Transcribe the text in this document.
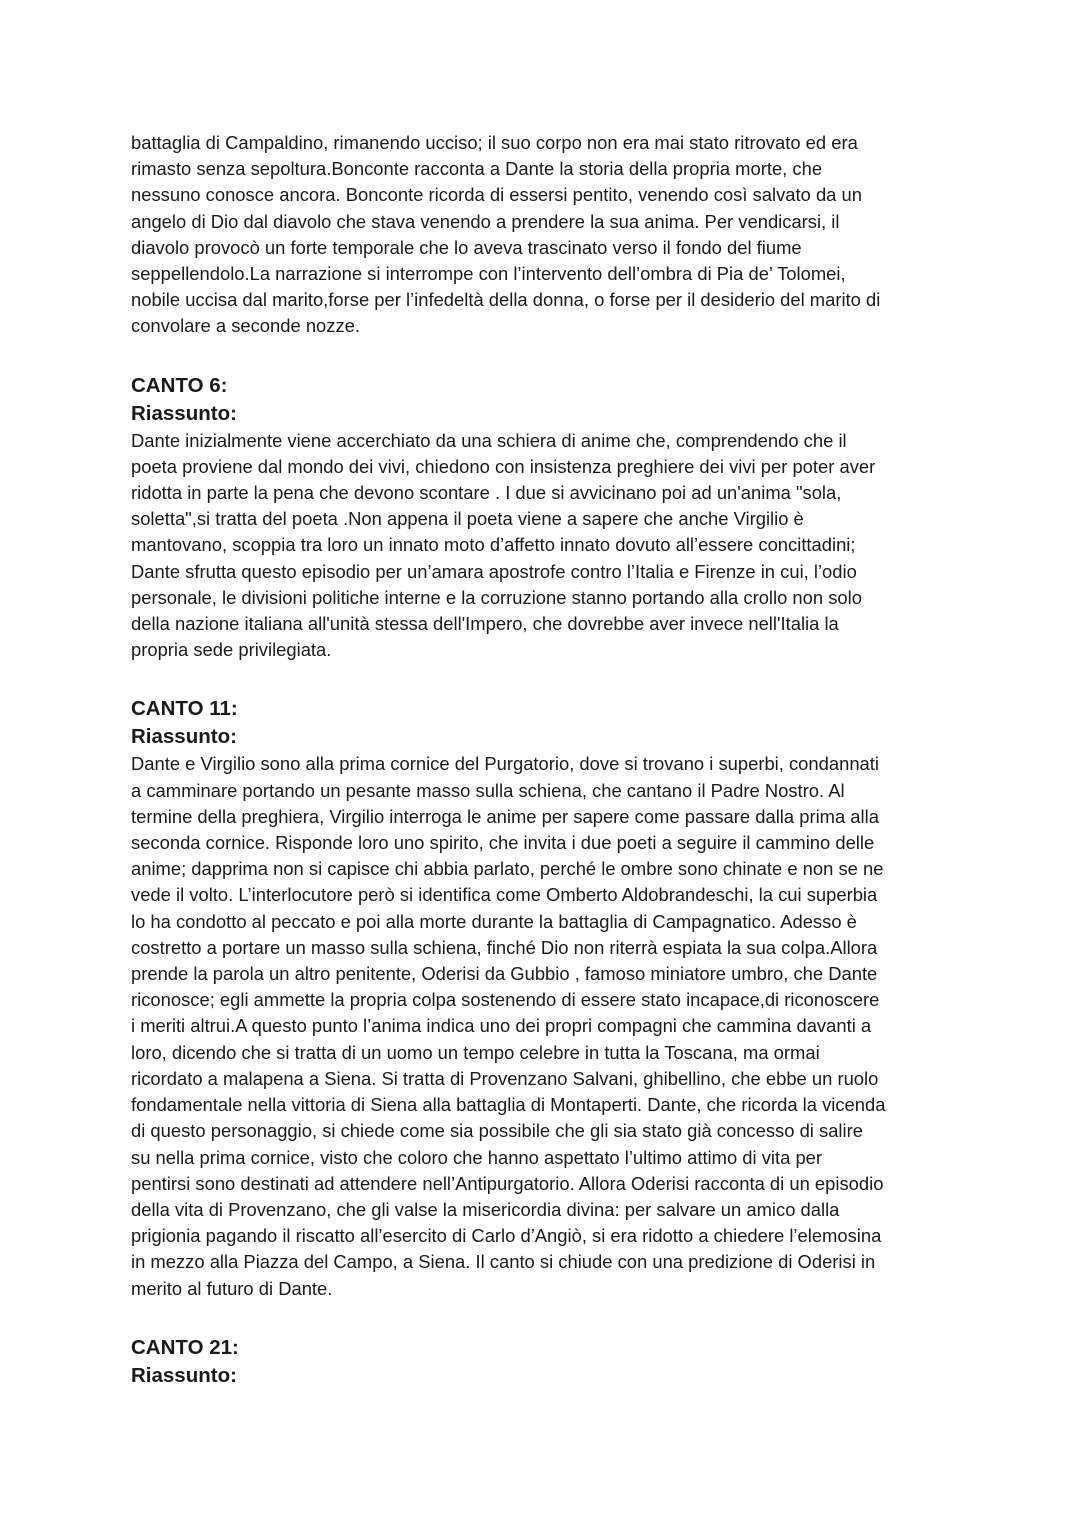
battaglia di Campaldino, rimanendo ucciso; il suo corpo non era mai stato ritrovato ed era
rimasto senza sepoltura.Bonconte racconta a Dante la storia della propria morte, che
nessuno conosce ancora. Bonconte ricorda di essersi pentito, venendo così salvato da un
angelo di Dio dal diavolo che stava venendo a prendere la sua anima. Per vendicarsi, il
diavolo provocò un forte temporale che lo aveva trascinato verso il fondo del fiume
seppellendolo.La narrazione si interrompe con l’intervento dell’ombra di Pia de’ Tolomei,
nobile uccisa dal marito,forse per l’infedeltà della donna, o forse per il desiderio del marito di
convolare a seconde nozze.

CANTO 6:

Riassunto:

Dante inizialmente viene accerchiato da una schiera di anime che, comprendendo che il
poeta proviene dal mondo dei vivi, chiedono con insistenza preghiere dei vivi per poter aver
ridotta in parte la pena che devono scontare . I due si avvicinano poi ad un'anima "sola,
soletta",si tratta del poeta .Non appena il poeta viene a sapere che anche Virgilio è
mantovano, scoppia tra loro un innato moto d’affetto innato dovuto all’essere concittadini;
Dante sfrutta questo episodio per un’amara apostrofe contro l’Italia e Firenze in cui, l’odio
personale, le divisioni politiche interne e la corruzione stanno portando alla crollo non solo
della nazione italiana all'unità stessa dell'Impero, che dovrebbe aver invece nell'Italia la
propria sede privilegiata.

CANTO 11:

Riassunto:

Dante e Virgilio sono alla prima cornice del Purgatorio, dove si trovano i superbi, condannati
a camminare portando un pesante masso sulla schiena, che cantano il Padre Nostro. Al
termine della preghiera, Virgilio interroga le anime per sapere come passare dalla prima alla
seconda cornice. Risponde loro uno spirito, che invita i due poeti a seguire il cammino delle
anime; dapprima non si capisce chi abbia parlato, perché le ombre sono chinate e non se ne
vede il volto. L’interlocutore però si identifica come Omberto Aldobrandeschi, la cui superbia
lo ha condotto al peccato e poi alla morte durante la battaglia di Campagnatico. Adesso è
costretto a portare un masso sulla schiena, finché Dio non riterrà espiata la sua colpa.Allora
prende la parola un altro penitente, Oderisi da Gubbio , famoso miniatore umbro, che Dante
riconosce; egli ammette la propria colpa sostenendo di essere stato incapace,di riconoscere
i meriti altrui.A questo punto l’anima indica uno dei propri compagni che cammina davanti a
loro, dicendo che si tratta di un uomo un tempo celebre in tutta la Toscana, ma ormai
ricordato a malapena a Siena. Si tratta di Provenzano Salvani, ghibellino, che ebbe un ruolo
fondamentale nella vittoria di Siena alla battaglia di Montaperti. Dante, che ricorda la vicenda
di questo personaggio, si chiede come sia possibile che gli sia stato già concesso di salire
su nella prima cornice, visto che coloro che hanno aspettato l’ultimo attimo di vita per
pentirsi sono destinati ad attendere nell’Antipurgatorio. Allora Oderisi racconta di un episodio
della vita di Provenzano, che gli valse la misericordia divina: per salvare un amico dalla
prigionia pagando il riscatto all’esercito di Carlo d’Angiò, si era ridotto a chiedere l’elemosina
in mezzo alla Piazza del Campo, a Siena. Il canto si chiude con una predizione di Oderisi in
merito al futuro di Dante.

CANTO 21:

Riassunto:
